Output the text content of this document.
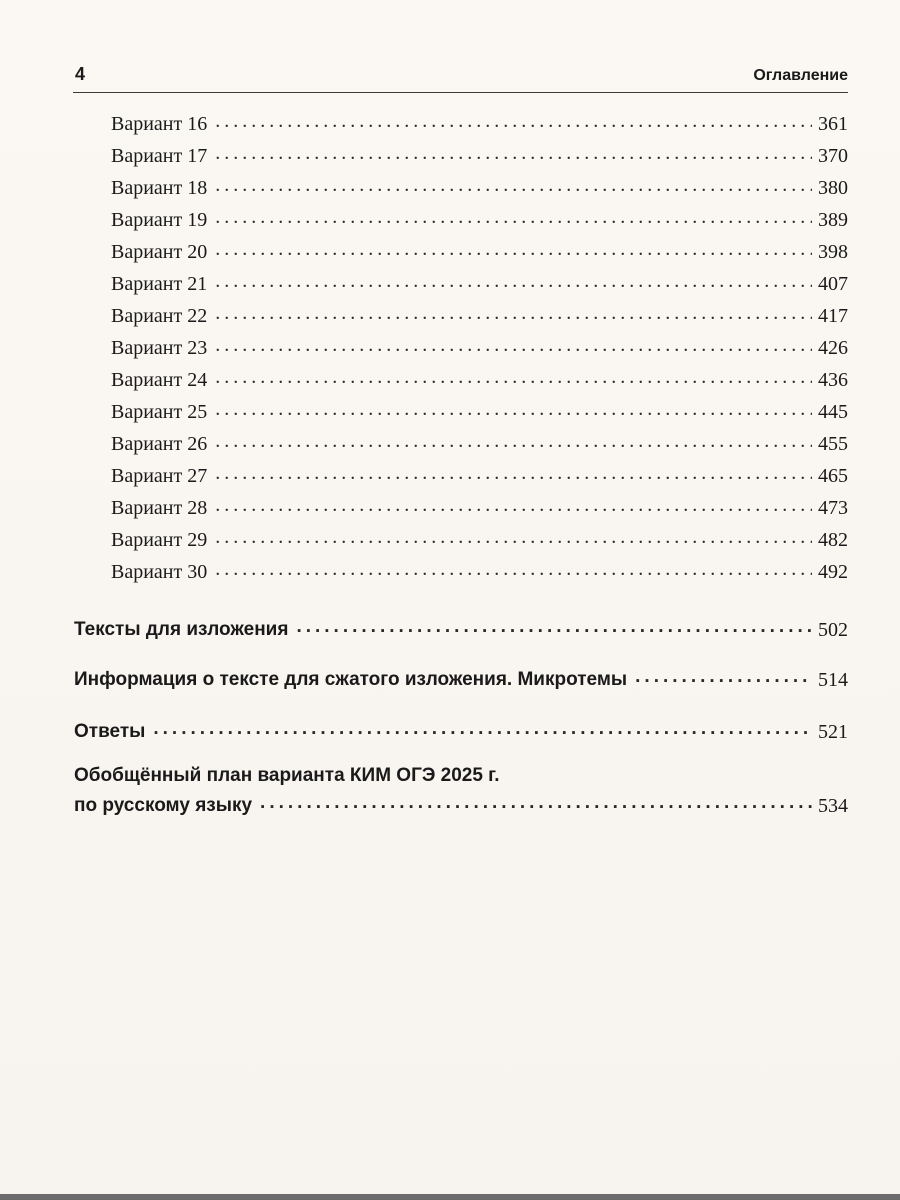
4	Оглавление
Вариант 16 .....	361
Вариант 17 .....	370
Вариант 18 .....	380
Вариант 19 .....	389
Вариант 20 .....	398
Вариант 21 .....	407
Вариант 22 .....	417
Вариант 23 .....	426
Вариант 24 .....	436
Вариант 25 .....	445
Вариант 26 .....	455
Вариант 27 .....	465
Вариант 28 .....	473
Вариант 29 .....	482
Вариант 30 .....	492
Тексты для изложения .....	502
Информация о тексте для сжатого изложения. Микротемы .....	514
Ответы .....	521
Обобщённый план варианта КИМ ОГЭ 2025 г.
по русскому языку .....	534
